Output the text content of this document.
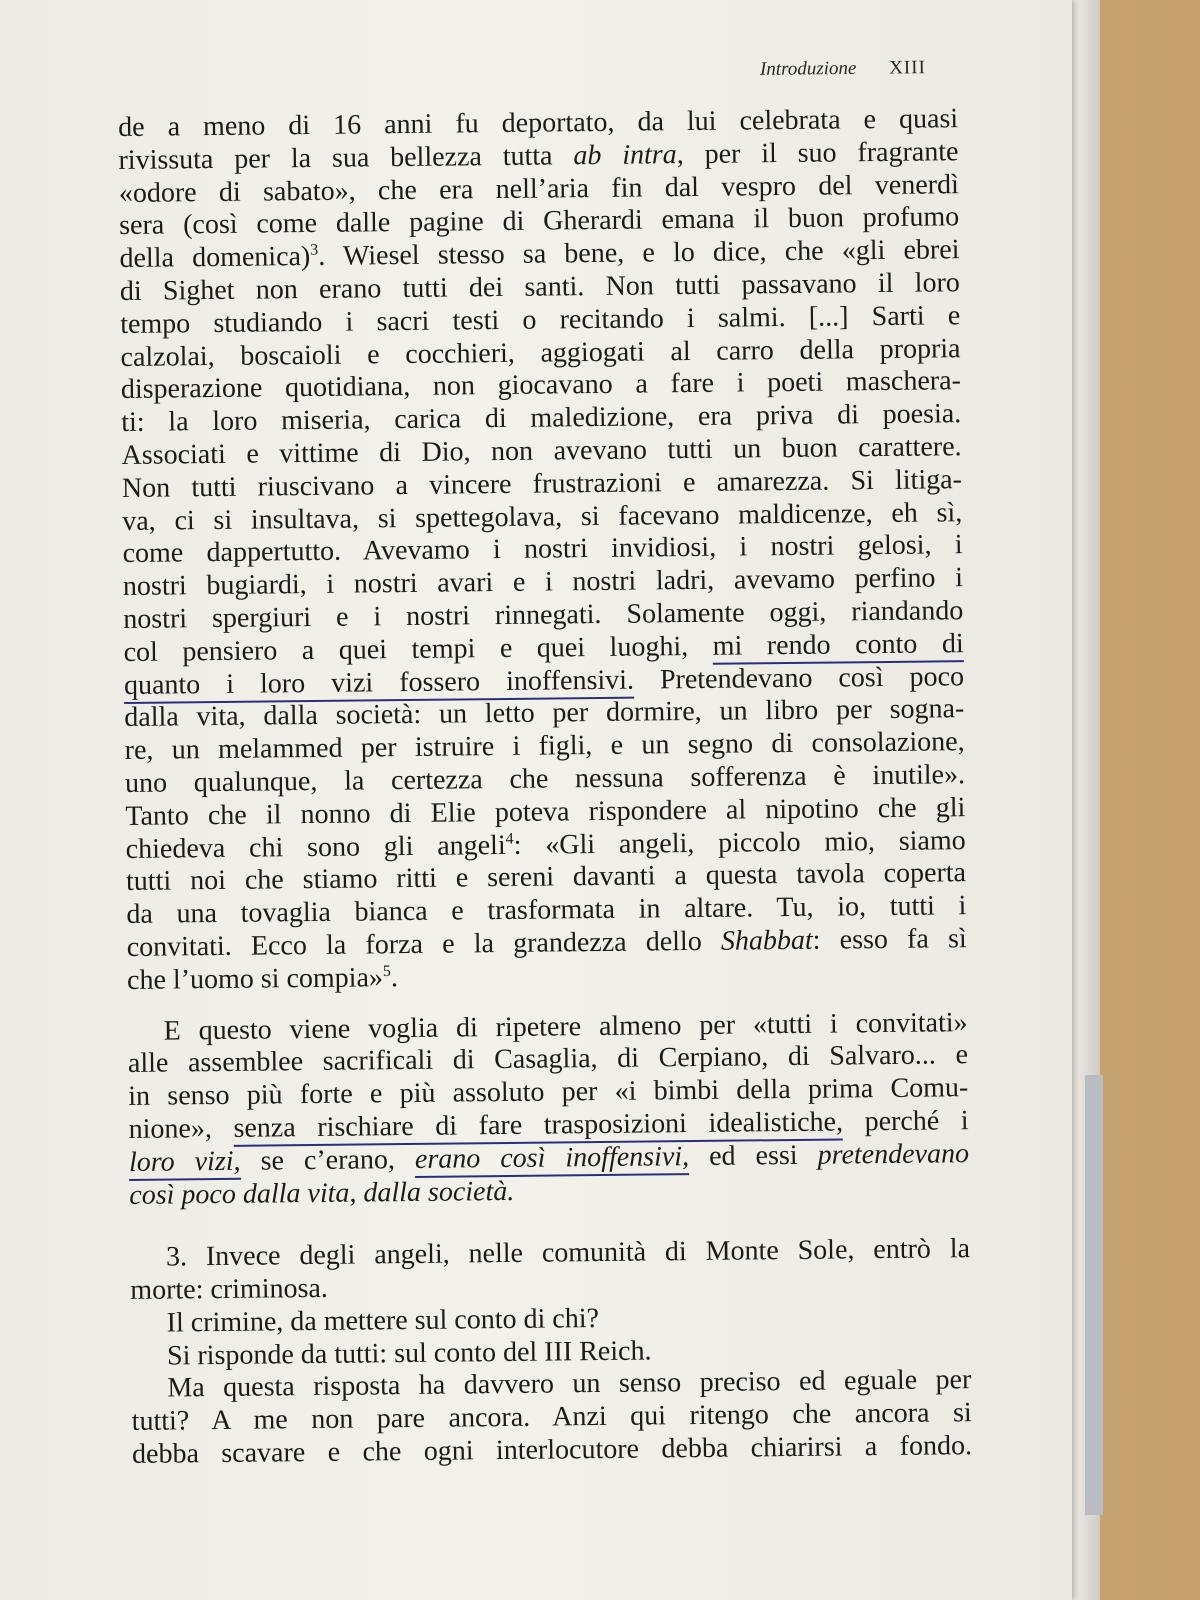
Introduzione XIII
de a meno di 16 anni fu deportato, da lui celebrata e quasi
rivissuta per la sua bellezza tutta ab intra, per il suo fragrante
«odore di sabato», che era nell’aria fin dal vespro del venerdì
sera (così come dalle pagine di Gherardi emana il buon profumo
della domenica)$^3$. Wiesel stesso sa bene, e lo dice, che «gli ebrei
di Sighet non erano tutti dei santi. Non tutti passavano il loro
tempo studiando i sacri testi o recitando i salmi. [...] Sarti e
calzolai, boscaioli e cocchieri, aggiogati al carro della propria
disperazione quotidiana, non giocavano a fare i poeti maschera-
ti: la loro miseria, carica di maledizione, era priva di poesia.
Associati e vittime di Dio, non avevano tutti un buon carattere.
Non tutti riuscivano a vincere frustrazioni e amarezza. Si litiga-
va, ci si insultava, si spettegolava, si facevano maldicenze, eh sì,
come dappertutto. Avevamo i nostri invidiosi, i nostri gelosi, i
nostri bugiardi, i nostri avari e i nostri ladri, avevamo perfino i
nostri spergiuri e i nostri rinnegati. Solamente oggi, riandando
col pensiero a quei tempi e quei luoghi, mi rendo conto di
quanto i loro vizi fossero inoffensivi. Pretendevano così poco
dalla vita, dalla società: un letto per dormire, un libro per sogna-
re, un melammed per istruire i figli, e un segno di consolazione,
uno qualunque, la certezza che nessuna sofferenza è inutile».
Tanto che il nonno di Elie poteva rispondere al nipotino che gli
chiedeva chi sono gli angeli$^4$: «Gli angeli, piccolo mio, siamo
tutti noi che stiamo ritti e sereni davanti a questa tavola coperta
da una tovaglia bianca e trasformata in altare. Tu, io, tutti i
convitati. Ecco la forza e la grandezza dello Shabbat: esso fa sì
che l’uomo si compia»$^5$.
E questo viene voglia di ripetere almeno per «tutti i convitati»
alle assemblee sacrificali di Casaglia, di Cerpiano, di Salvaro... e
in senso più forte e più assoluto per «i bimbi della prima Comu-
nione», senza rischiare di fare trasposizioni idealistiche, perché i
loro vizi, se c’erano, erano così inoffensivi, ed essi pretendevano
così poco dalla vita, dalla società.
3. Invece degli angeli, nelle comunità di Monte Sole, entrò la
morte: criminosa.
Il crimine, da mettere sul conto di chi?
Si risponde da tutti: sul conto del III Reich.
Ma questa risposta ha davvero un senso preciso ed eguale per
tutti? A me non pare ancora. Anzi qui ritengo che ancora si
debba scavare e che ogni interlocutore debba chiarirsi a fondo.
